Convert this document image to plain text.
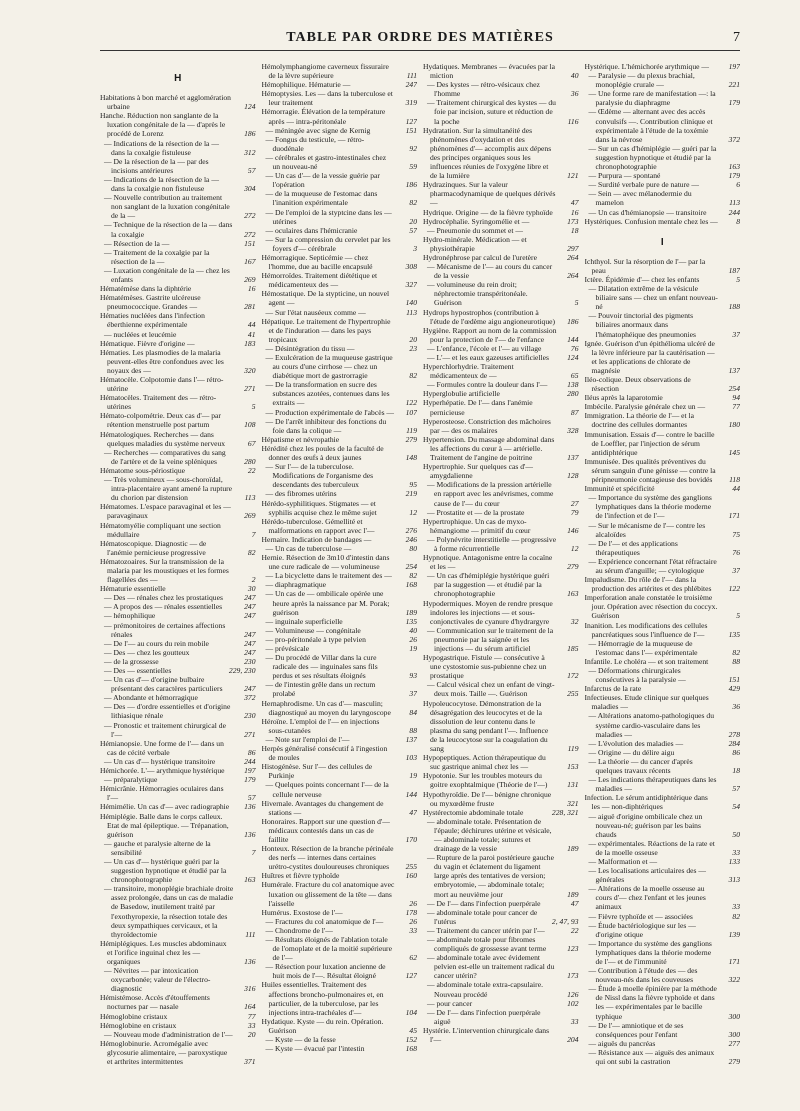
TABLE PAR ORDRE DES MATIÈRES	7
H
Habitations à bon marché et agglomération urbaine	124
Hanche. Réduction non sanglante de la luxation congénitale de la — d'après le procédé de Lorenz	186
— Indications de la résection de la — dans la coxalgie fistuleuse	312
— De la résection de la — par des incisions antérieures	57
— Indications de la résection de la — dans la coxalgie non fistuleuse	304
— Nouvelle contribution au traitement non sanglant de la luxation congénitale de la —	272
— Technique de la résection de la — dans la coxalgie	272
— Résection de la —	151
— Traitement de la coxalgie par la résection de la —	167
— Luxation congénitale de la — chez les enfants	269
Hématémèse dans la diphtérie	16
Hématémèses. Gastrite ulcéreuse pneumococcique. Grandes —	281
Hématies nucléées dans l'infection éberthienne expérimentale	44
— nucléées et leucémie	41
Hématique. Fièvre d'origine —	183
Hématies. Les plasmodies de la malaria peuvent-elles être confondues avec les noyaux des —	320
Hématocèle. Colpotomie dans l'— rétro-utérine	271
Hématocèles. Traitement des — rétro-utérines	5
Hémato-colpométrie. Deux cas d'— par rétention menstruelle post partum	108
Hématologiques. Recherches — dans quelques maladies du système nerveux	67
— Recherches — comparatives du sang de l'artère et de la veine spléniques	280
Hématome sous-périostique	22
— Très volumineux — sous-choroïdal, intra-placentaire ayant amené la rupture du chorion par distension	113
Hématomes. L'espace paravaginal et les — paravaginaux	269
Hématomyélie compliquant une section médullaire	7
Hématoscopique. Diagnostic — de l'anémie pernicieuse progressive	82
Hématozoaires. Sur la transmission de la malaria par les moustiques et les formes flagellées des —	2
Hématurie essentielle	30
— Des — rénales chez les prostatiques	247
— A propos des — rénales essentielles	247
— hémophilique	247
— prémonitoires de certaines affections rénales	247
— De l'— au cours du rein mobile	247
— Des — chez les goutteux	247
— de la grossesse	230
— Des — essentielles	229, 230
— Un cas d'— d'origine bulbaire présentant des caractères particuliers	247
— Abondante et hémorragique	372
— Des — d'ordre essentielles et d'origine lithiasique rénale	230
— Pronostic et traitement chirurgical de l'—	271
Hémianopsie. Une forme de l'— dans un cas de cécité verbale	86
— Un cas d'— hystérique transitoire	244
Hémichorée. L'— arythmique hystérique	197
— préparalytique	179
Hémicrânie. Hémorragies oculaires dans l'—	57
Hémimélie. Un cas d'— avec radiographie	136
Hémiplégie. Balle dans le corps calleux. Etat de mal épileptique. — Trépanation, guérison	136
— gauche et paralysie alterne de la sensibilité	7
— Un cas d'— hystérique guéri par la suggestion hypnotique et étudié par la chronophotographie	163
— transitoire, monoplégie brachiale droite assez prolongée, dans un cas de maladie de Basedow, inutilement traité par l'exothyropexie, la résection totale des deux sympathiques cervicaux, et la thyroïdectomie	111
Hémiplégiques. Les muscles abdominaux et l'orifice inguinal chez les — organiques	136
— Névrites — par intoxication oxycarbonée; valeur de l'électro-diagnostic	316
Hémistémose. Accès d'étouffements nocturnes par — nasale	164
Hémoglobine cristaux	77
Hémoglobine en cristaux	33
— Nouveau mode d'administration de l'—	20
Hémoglobinurie. Acromégalie avec glycosurie alimentaire, — paroxystique et arthrites intermittentes	371
Hémolymphangiome caverneux fissuraire de la lèvre supérieure	111
Hémophilique. Hématurie —	247
Hémoptysies. Les — dans la tuberculose et leur traitement	319
Hémorragie. Élévation de la température après — intra-péritonéale	127
— méningée avec signe de Kernig	151
— Fongus du testicule, — rétro-duodénale	92
— cérébrales et gastro-intestinales chez un nouveau-né	59
— Un cas d'— de la vessie guérie par l'opération	186
— de la muqueuse de l'estomac dans l'inanition expérimentale	82
— De l'emploi de la styptcine dans les — utérines	20
— oculaires dans l'hémicranie	57
— Sur la compression du cervelet par les foyers d'— cérébrale	3
Hémorragique. Septicémie — chez l'homme, due au bacille encapsulé	308
Hémorroïdes. Traitement diététique et médicamenteux des —	327
Hémostatique. De la stypticine, un nouvel agent —	140
— Sur l'état nauséeux comme —	113
Hépatique. Le traitement de l'hypertrophie et de l'induration — dans les pays tropicaux	20
— Désintégration du tissu —	23
— Exulcération de la muqueuse gastrique au cours d'une cirrhose — chez un diabétique mort de gastrorragie	82
— De la transformation en sucre des substances azotées, contenues dans les extraits —	122
— Production expérimentale de l'abcès —	107
— De l'arrêt inhibiteur des fonctions du foie dans la colique —	119
Hépatisme et névropathie	279
Hérédité chez les poules de la faculté de donner des œufs à deux jaunes	148
— Sur l'— de la tuberculose. Modifications de l'organisme des descendants des tuberculeux	95
— des fibromes utérins	219
Hérédo-syphilitiques. Stigmates — et syphilis acquise chez le même sujet	12
Hérédo-tuberculose. Gémellité et malformations en rapport avec l'—	276
Hernaire. Indication de bandages —	246
— Un cas de tuberculose —	80
Hernie. Résection de 3m10 d'intestin dans une cure radicale de — volumineuse	254
— La bicyclette dans le traitement des —	82
— diaphragmatique	168
— Un cas de — ombilicale opérée une heure après la naissance par M. Porak; guérison	189
— inguinale superficielle	135
— Volumineuse — congénitale	40
— pro-péritonéale à type pelvien	26
— prévésicale	19
— Du procédé de Villar dans la cure radicale des — inguinales sans fils perdus et ses résultats éloignés	93
— de l'intestin grêle dans un rectum prolabé	37
Hernaphrodisme. Un cas d'— masculin; diagnostiqué au moyen du laryngoscope	84
Héroïne. L'emploi de l'— en injections sous-cutanées	88
— Note sur l'emploi de l'—	137
Herpès généralisé consécutif à l'ingestion de moules	103
Histogénèse. Sur l'— des cellules de Purkinje	19
— Quelques points concernant l'— de la cellule nerveuse	144
Hivernale. Avantages du changement de stations —	47
Honoraires. Rapport sur une question d'— médicaux contestés dans un cas de faillite	170
Honteux. Résection de la branche périnéale des nerfs — internes dans certaines urétro-cystites douloureuses chroniques	255
Huîtres et fièvre typhoïde	160
Humérale. Fracture du col anatomique avec luxation ou glissement de la tête — dans l'aisselle	26
Humérus. Exostose de l'—	178
— Fractures du col anatomique de l'—	26
— Chondrome de l'—	33
— Résultats éloignés de l'ablation totale de l'omoplate et de la moitié supérieure de l'—	62
— Résection pour luxation ancienne de huit mois de l'—. Résultat éloigné	127
Huiles essentielles. Traitement des affections broncho-pulmonaires et, en particulier, de la tuberculose, par les injections intra-trachéales d'—	104
Hydatique. Kyste — du rein. Opération. Guérison	45
— Kyste — de la fesse	152
— Kyste — évacué par l'intestin	168
Hydatiques. Membranes — évacuées par la miction	40
— Des kystes — rétro-vésicaux chez l'homme	36
— Traitement chirurgical des kystes — du foie par incision, suture et réduction de la poche	116
Hydratation. Sur la simultanéité des phénomènes d'oxydation et des phénomènes d'— accomplis aux dépens des principes organiques sous les influences réunies de l'oxygène libre et de la lumière	121
Hydrazinques. Sur la valeur pharmacodynamique de quelques dérivés —	47
Hydrique. Origine — de la fièvre typhoïde	16
Hydrocéphalie. Syringomélie et —	173
— Pneumonie du sommet et —	18
Hydro-minérale. Médication — et physiothérapie	297
Hydronéphrose par calcul de l'uretère	264
— Mécanisme de l'— au cours du cancer de la vessie	264
— volumineuse du rein droit; néphrectomie transpéritonéale. Guérison	5
Hydrops hypostrophos (contribution à l'étude de l'œdème aigu angioneurotique)	186
Hygiène. Rapport au nom de la commission pour la protection de l'— de l'enfance	144
— L'enfance, l'école et l'— au village	76
— L'— et les eaux gazeuses artificielles	124
Hyperchlorhydrie. Traitement médicamenteux de —	65
— Formules contre la douleur dans l'—	138
Hyperglobulie artificielle	280
Hyperhépatie. De l'— dans l'anémie pernicieuse	87
Hyperosteose. Constriction des mâchoires par — des os malaires	328
Hypertension. Du massage abdominal dans les affections du cœur à — artérielle. Traitement de l'angine de poitrine	137
Hypertrophie. Sur quelques cas d'— amygdalienne	128
— Modifications de la pression artérielle en rapport avec les anévrismes, comme cause de l'— du cœur	27
— Prostatite et — de la prostate	79
Hypertrophique. Un cas de myxo-hémangiome — primitif du cœur	146
— Polynévrite interstitielle — progressive à forme récurrentielle	12
Hypnotique. Antagonisme entre la cocaïne et les —	279
— Un cas d'hémiplégie hystérique guéri par la suggestion — et étudié par la chronophotographie	163
Hypodermiques. Moyen de rendre presque indolores les injections — et sous-conjonctivales de cyanure d'hydrargyre	32
— Communication sur le traitement de la pneumonie par la saignée et les injections — du sérum artificiel	185
Hypogastrique. Fistule — consécutive à une cystostomie sus-pubienne chez un prostatique	172
— Calcul vésical chez un enfant de vingt-deux mois. Taille —. Guérison	255
Hypoleucocytose. Démonstration de la désagrégation des leucocytes et de la dissolution de leur contenu dans le plasma du sang pendant l'—. Influence de la leucocytose sur la coagulation du sang	119
Hypopeptiques. Action thérapeutique du suc gastrique animal chez les —	153
Hypotonie. Sur les troubles moteurs du goitre exophtalmique (Théorie de l'—)	131
Hypothyroïdie. De l'— bénigne chronique ou myxœdème fruste	321
Hystérectomie abdominale totale	228, 321
— abdominale totale. Présentation de l'épaule; déchirures utérine et vésicale, — abdominale totale; sutures et drainage de la vessie	189
— Rupture de la paroi postérieure gauche du vagin et éclatement du ligament large après des tentatives de version; embryotomie, — abdominale totale; mort au neuvième jour	189
— De l'— dans l'infection puerpérale	47
— abdominale totale pour cancer de l'utérus	2, 47, 93
— Traitement du cancer utérin par l'—	22
— abdominale totale pour fibromes compliqués de grossesse avant terme	123
— abdominale totale avec évidement pelvien est-elle un traitement radical du cancer utérin?	173
— abdominale totale extra-capsulaire. Nouveau procédé	126
— pour cancer	102
— De l'— dans l'infection puerpérale aiguë	33
Hystérie. L'intervention chirurgicale dans l'—	204
Hystérique. L'hémichorée arythmique —	197
— Paralysie — du plexus brachial, monoplégie crurale —	221
— Une forme rare de manifestation —: la paralysie du diaphragme	179
— Œdème — alternant avec des accès convulsifs —. Contribution clinique et expérimentale à l'étude de la toxémie dans la névrose	372
— Sur un cas d'hémiplégie — guéri par la suggestion hypnotique et étudié par la chronophotographie	163
— Purpura — spontané	179
— Surdité verbale pure de nature —	6
— Sein — avec mélanodermie du mamelon	113
— Un cas d'hémianopsie — transitoire	244
Hystériques. Confusion mentale chez les —	8
I
Ichthyol. Sur la résorption de l'— par la peau	187
Ictère. Épidémie d'— chez les enfants	5
— Dilatation extrême de la vésicule biliaire sans — chez un enfant nouveau-né	188
— Pouvoir tinctorial des pigments biliaires anormaux dans l'hématophéique des pneumonies	37
Ignée. Guérison d'un épithélioma ulcéré de la lèvre inférieure par la cautérisation — et les applications de chlorate de magnésie	137
Iléo-colique. Deux observations de résection	254
Iléus après la laparotomie	94
Imbécile. Paralysie générale chez un —	77
Immigration. La théorie de l'— et la doctrine des cellules dormantes	180
Immunisation. Essais d'— contre le bacille de Loeffler, par l'injection de sérum antidiphtérique	145
Immunisée. Des qualités préventives du sérum sanguin d'une génisse — contre la péripneumonie contagieuse des bovidés	118
Immunité et spécificité	44
— Importance du système des ganglions lymphatiques dans la théorie moderne de l'infection et de l'—	171
— Sur le mécanisme de l'— contre les alcaloïdes	75
— De l'— et des applications thérapeutiques	76
— Expérience concernant l'état réfractaire au sérum d'anguille; — cytologique	37
Impaludisme. Du rôle de l'— dans la production des artérites et des phlébites	122
Imperforation anale constatée le troisième jour. Opération avec résection du coccyx. Guérison	5
Inanition. Les modifications des cellules pancréatiques sous l'influence de l'—	135
— Hémorragie de la muqueuse de l'estomac dans l'— expérimentale	82
Infantile. Le choléra — et son traitement	88
— Déformations chirurgicales consécutives à la paralysie —	151
Infarctus de la rate	429
Infectieuses. Etude clinique sur quelques maladies —	36
— Altérations anatomo-pathologiques du système cardio-vasculaire dans les maladies —	278
— L'évolution des maladies —	284
— Origine — du délire aigu	86
— La théorie — du cancer d'après quelques travaux récents	18
— Les indications thérapeutiques dans les maladies —	57
Infection. Le sérum antidiphtérique dans les — non-diphtériques	54
— aiguë d'origine ombilicale chez un nouveau-né; guérison par les bains chauds	50
— expérimentales. Réactions de la rate et de la moelle osseuse	33
— Malformation et —	133
— Les localisations articulaires des — générales	313
— Altérations de la moelle osseuse au cours d'— chez l'enfant et les jeunes animaux	33
— Fièvre typhoïde et — associées	82
— Étude bactériologique sur les — d'origine otique	139
— Importance du système des ganglions lymphatiques dans la théorie moderne de l'— et de l'immunité	171
— Contribution à l'étude des — des nouveau-nés dans les couveuses	322
— Étude à moelle épinière par la méthode de Nissl dans la fièvre typhoïde et dans les — expérimentales par le bacille typhique	300
— De l'— amniotique et de ses conséquences pour l'enfant	300
— aiguës du pancréas	277
— Résistance aux — aiguës des animaux qui ont subi la castration	279
